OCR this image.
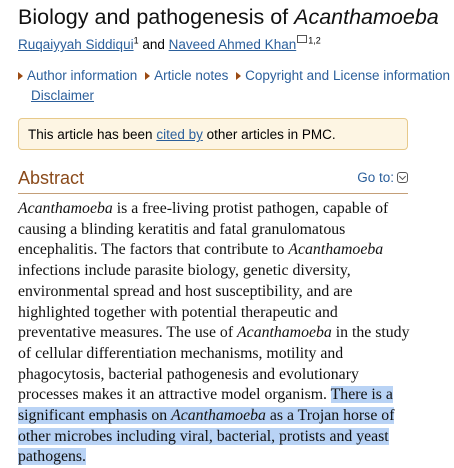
Biology and pathogenesis of Acanthamoeba
Ruqaiyyah Siddiqui$^1$ and Naveed Ahmed Khan $^{1,2}$
Author information Article notes Copyright and License information
Disclaimer
This article has been cited by other articles in PMC.
Abstract	Go to:
Acanthamoeba is a free-living protist pathogen, capable of causing a blinding keratitis and fatal granulomatous encephalitis. The factors that contribute to Acanthamoeba infections include parasite biology, genetic diversity, environmental spread and host susceptibility, and are highlighted together with potential therapeutic and preventative measures. The use of Acanthamoeba in the study of cellular differentiation mechanisms, motility and phagocytosis, bacterial pathogenesis and evolutionary processes makes it an attractive model organism. There is a significant emphasis on Acanthamoeba as a Trojan horse of other microbes including viral, bacterial, protists and yeast pathogens.
